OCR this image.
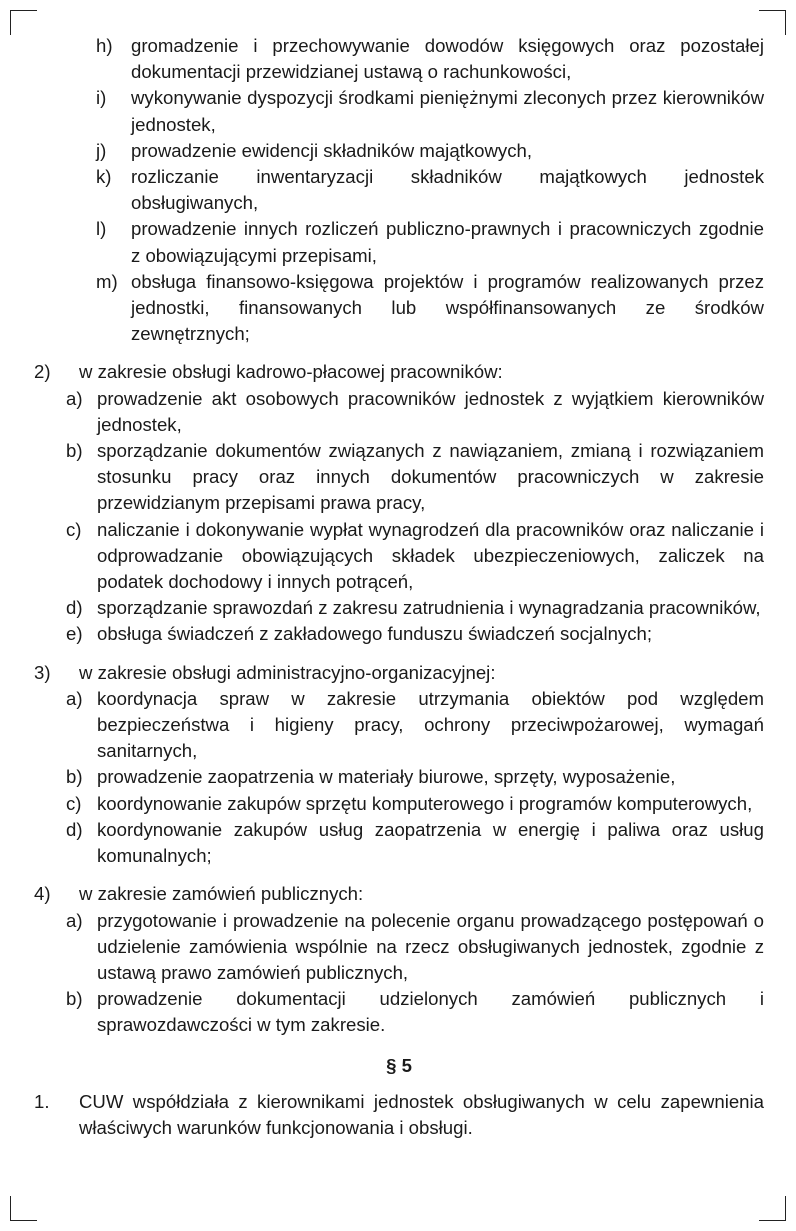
h) gromadzenie i przechowywanie dowodów księgowych oraz pozostałej dokumentacji przewidzianej ustawą o rachunkowości,
i)	wykonywanie dyspozycji środkami pieniężnymi zleconych przez kierowników jednostek,
j)	prowadzenie ewidencji składników majątkowych,
k)	rozliczanie inwentaryzacji składników majątkowych jednostek obsługiwanych,
l)	prowadzenie innych rozliczeń publiczno-prawnych i pracowniczych zgodnie z obowiązującymi przepisami,
m) obsługa finansowo-księgowa projektów i programów realizowanych przez jednostki, finansowanych lub współfinansowanych ze środków zewnętrznych;
2)	w zakresie obsługi kadrowo-płacowej pracowników:
a) prowadzenie akt osobowych pracowników jednostek z wyjątkiem kierowników jednostek,
b) sporządzanie dokumentów związanych z nawiązaniem, zmianą i rozwiązaniem stosunku pracy oraz innych dokumentów pracowniczych w zakresie przewidzianym przepisami prawa pracy,
c) naliczanie i dokonywanie wypłat wynagrodzeń dla pracowników oraz naliczanie i odprowadzanie obowiązujących składek ubezpieczeniowych, zaliczek na podatek dochodowy i innych potrąceń,
d) sporządzanie sprawozdań z zakresu zatrudnienia i wynagradzania pracowników,
e) obsługa świadczeń z zakładowego funduszu świadczeń socjalnych;
3)	w zakresie obsługi administracyjno-organizacyjnej:
a) koordynacja spraw w zakresie utrzymania obiektów pod względem bezpieczeństwa i higieny pracy, ochrony przeciwpożarowej, wymagań sanitarnych,
b) prowadzenie zaopatrzenia w materiały biurowe, sprzęty, wyposażenie,
c) koordynowanie zakupów sprzętu komputerowego i programów komputerowych,
d) koordynowanie zakupów usług zaopatrzenia w energię i paliwa oraz usług komunalnych;
4)	w zakresie zamówień publicznych:
a) przygotowanie i prowadzenie na polecenie organu prowadzącego postępowań o udzielenie zamówienia wspólnie na rzecz obsługiwanych jednostek, zgodnie z ustawą prawo zamówień publicznych,
b) prowadzenie dokumentacji udzielonych zamówień publicznych i sprawozdawczości w tym zakresie.
§ 5
1.	CUW współdziała z kierownikami jednostek obsługiwanych w celu zapewnienia właściwych warunków funkcjonowania i obsługi.
